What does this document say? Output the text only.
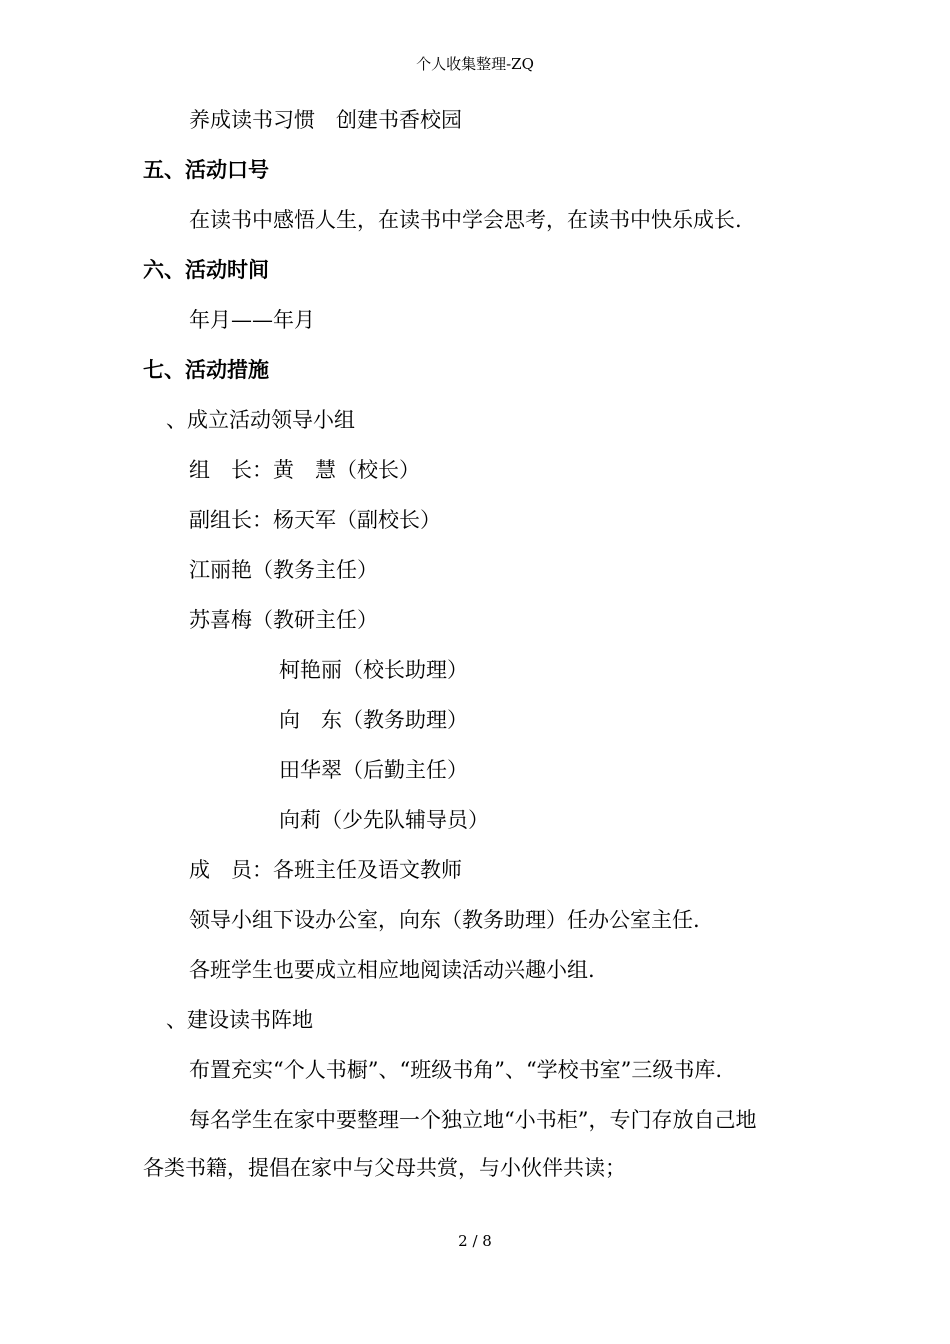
个人收集整理-ZQ
养成读书习惯　创建书香校园
五、活动口号
在读书中感悟人生，在读书中学会思考，在读书中快乐成长.
六、活动时间
年月——年月
七、活动措施
、成立活动领导小组
组　长：黄　慧（校长）
副组长：杨天军（副校长）
江丽艳（教务主任）
苏喜梅（教研主任）
柯艳丽（校长助理）
向　东（教务助理）
田华翠（后勤主任）
向莉（少先队辅导员）
成　员：各班主任及语文教师
领导小组下设办公室，向东（教务助理）任办公室主任.
各班学生也要成立相应地阅读活动兴趣小组.
、建设读书阵地
布置充实“个人书橱”、“班级书角”、“学校书室”三级书库.
每名学生在家中要整理一个独立地“小书柜”，专门存放自己地
各类书籍，提倡在家中与父母共赏，与小伙伴共读；
2 / 8
